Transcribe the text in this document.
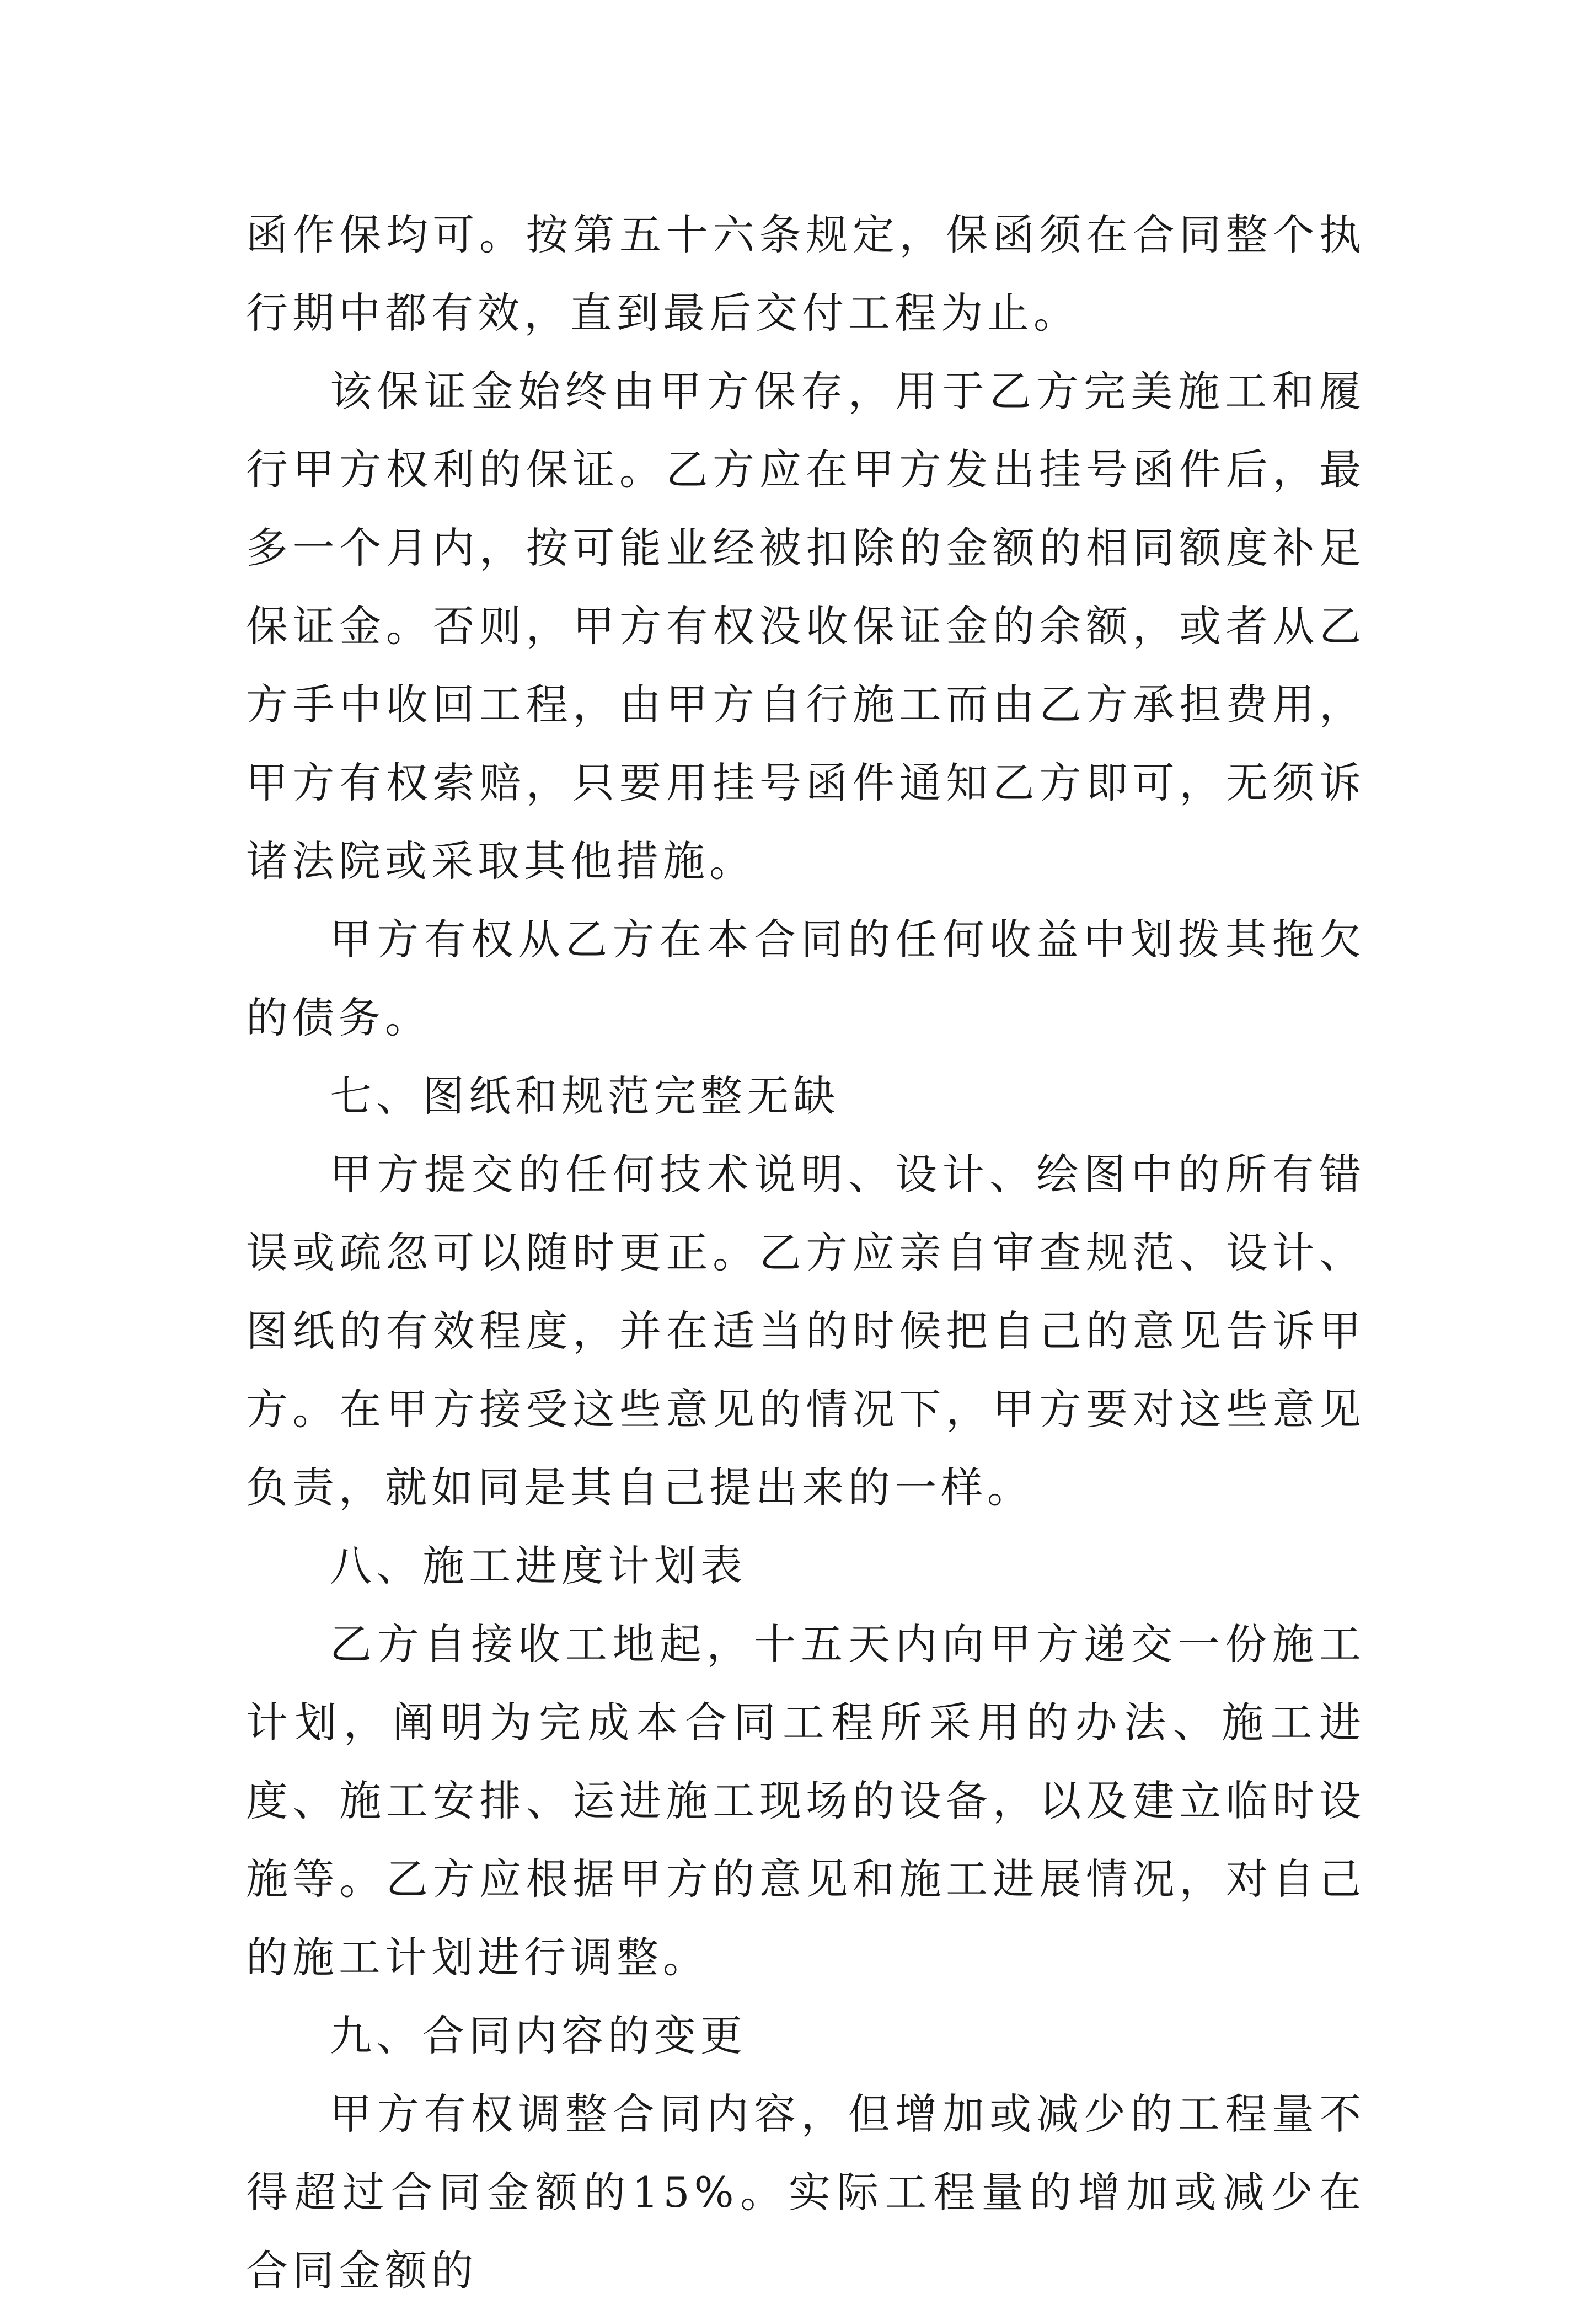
函作保均可。按第五十六条规定，保函须在合同整个执行期中都有效，直到最后交付工程为止。

该保证金始终由甲方保存，用于乙方完美施工和履行甲方权利的保证。乙方应在甲方发出挂号函件后，最多一个月内，按可能业经被扣除的金额的相同额度补足保证金。否则，甲方有权没收保证金的余额，或者从乙方手中收回工程，由甲方自行施工而由乙方承担费用，甲方有权索赔，只要用挂号函件通知乙方即可，无须诉诸法院或采取其他措施。

甲方有权从乙方在本合同的任何收益中划拨其拖欠的债务。

七、图纸和规范完整无缺

甲方提交的任何技术说明、设计、绘图中的所有错误或疏忽可以随时更正。乙方应亲自审查规范、设计、图纸的有效程度，并在适当的时候把自己的意见告诉甲方。在甲方接受这些意见的情况下，甲方要对这些意见负责，就如同是其自己提出来的一样。

八、施工进度计划表

乙方自接收工地起，十五天内向甲方递交一份施工计划，阐明为完成本合同工程所采用的办法、施工进度、施工安排、运进施工现场的设备，以及建立临时设施等。乙方应根据甲方的意见和施工进展情况，对自己的施工计划进行调整。

九、合同内容的变更

甲方有权调整合同内容，但增加或减少的工程量不得超过合同金额的15%。实际工程量的增加或减少在合同金额的
